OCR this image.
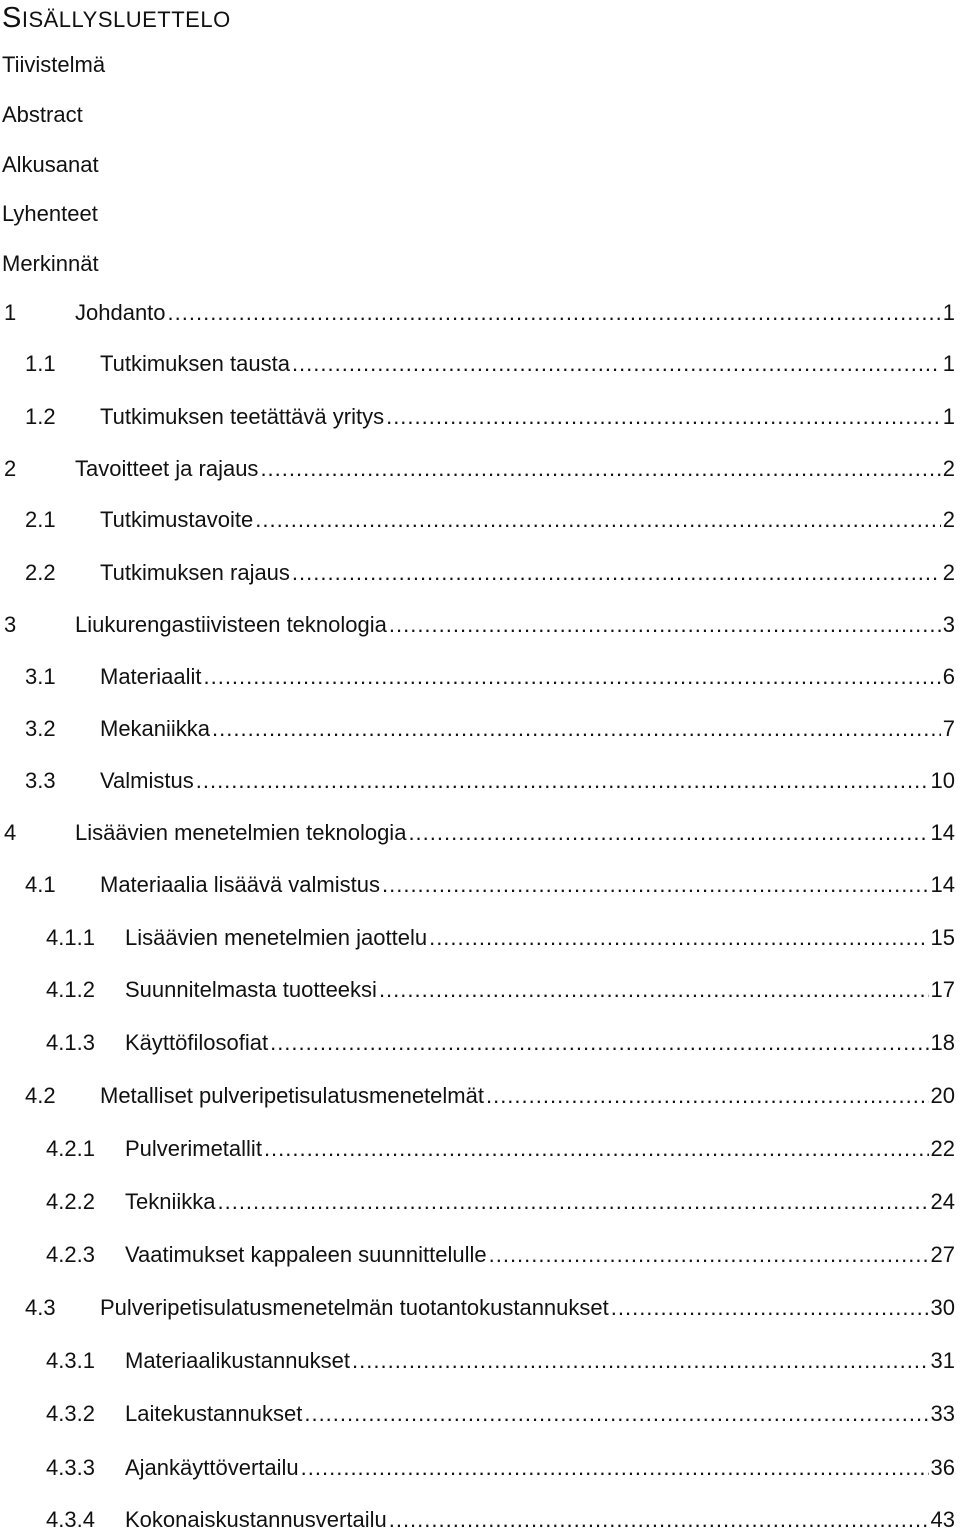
SISÄLLYSLUETTELO
Tiivistelmä
Abstract
Alkusanat
Lyhenteet
Merkinnät
1	Johdanto .....	1
1.1	Tutkimuksen tausta .....	1
1.2	Tutkimuksen teetättävä yritys .....	1
2	Tavoitteet ja rajaus .....	2
2.1	Tutkimustavoite .....	2
2.2	Tutkimuksen rajaus .....	2
3	Liukurengastiivisteen teknologia .....	3
3.1	Materiaalit .....	6
3.2	Mekaniikka .....	7
3.3	Valmistus .....	10
4	Lisäävien menetelmien teknologia .....	14
4.1	Materiaalia lisäävä valmistus .....	14
4.1.1	Lisäävien menetelmien jaottelu .....	15
4.1.2	Suunnitelmasta tuotteeksi .....	17
4.1.3	Käyttöfilosofiat .....	18
4.2	Metalliset pulveripetisulatusmenetelmät .....	20
4.2.1	Pulverimetallit .....	22
4.2.2	Tekniikka .....	24
4.2.3	Vaatimukset kappaleen suunnittelulle .....	27
4.3	Pulveripetisulatusmenetelmän tuotantokustannukset .....	30
4.3.1	Materiaalikustannukset .....	31
4.3.2	Laitekustannukset .....	33
4.3.3	Ajankäyttövertailu .....	36
4.3.4	Kokonaiskustannusvertailu .....	43
